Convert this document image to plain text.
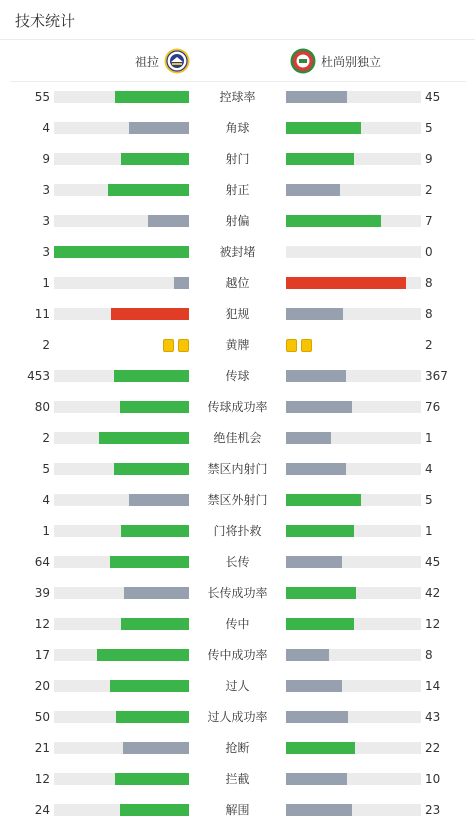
技术统计
祖拉	杜尚别独立
55	控球率	45
4	角球	5
9	射门	9
3	射正	2
3	射偏	7
3	被封堵	0
1	越位	8
11	犯规	8
2	黄牌	2
453	传球	367
80	传球成功率	76
2	绝佳机会	1
5	禁区内射门	4
4	禁区外射门	5
1	门将扑救	1
64	长传	45
39	长传成功率	42
12	传中	12
17	传中成功率	8
20	过人	14
50	过人成功率	43
21	抢断	22
12	拦截	10
24	解围	23
